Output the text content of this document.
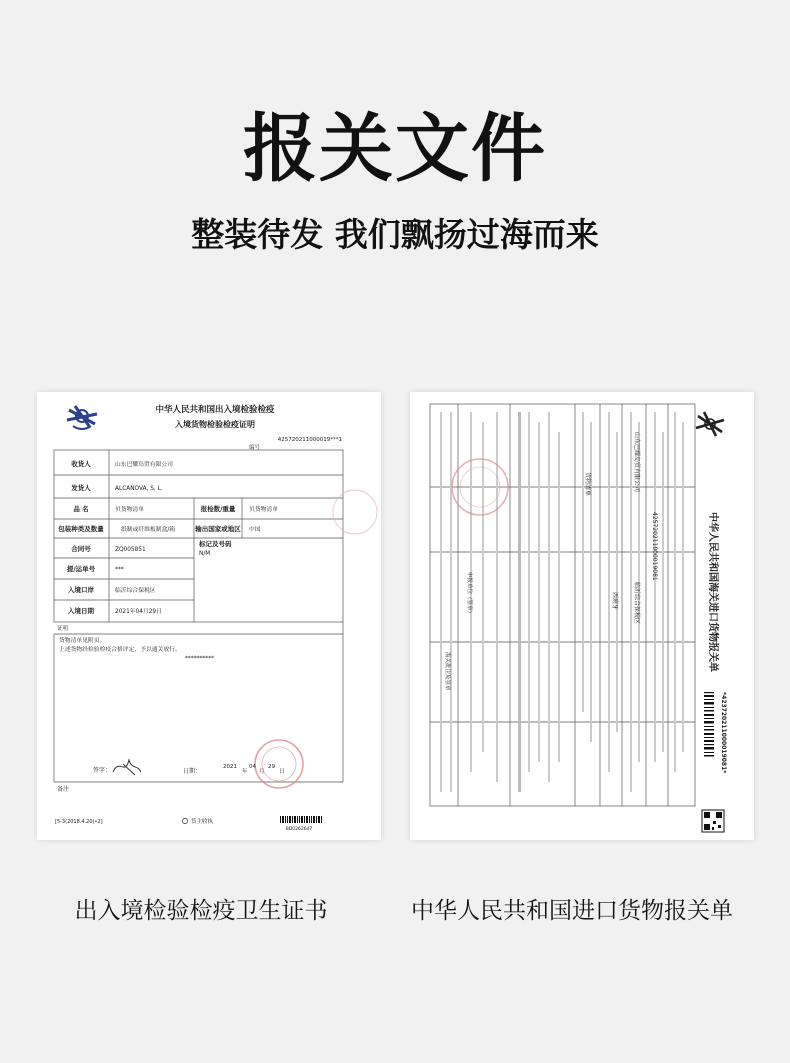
报关文件
整装待发 我们飘扬过海而来
中华人民共和国出入境检验检疫
入境货物检验检疫证明
425720211000019***1
编号
收货人	山东巴耀岛贸有限公司
发货人	ALCANOVA, S. L.
品 名	贝货物清单	报检数/重量 贝货物清单
包装种类及数量	纸制或纤维板制盒/箱	输出国家或地区 中国
合同号	ZQ005851
标记及号码
N/M
提/运单号	***
入境口岸	临沂综合保税区
入境日期	2021年04月29日
证明
货物清单见附页。
上述货物经检验检疫合格评定，予以通关放行。
**********
签字：	日期：
2021
年
04
月
29
日
备注
[5-3(2018.4.20)•2]	货主收执
BD0262647
425720211000019081
山东巴耀岛贸有限公司
临沂综合保税区
西班牙
货物清单
海关批注及签章
申报单位（签章）	中华人民共和国海关进口货物报关单
*423720211000019081*
出入境检验检疫卫生证书	中华人民共和国进口货物报关单
